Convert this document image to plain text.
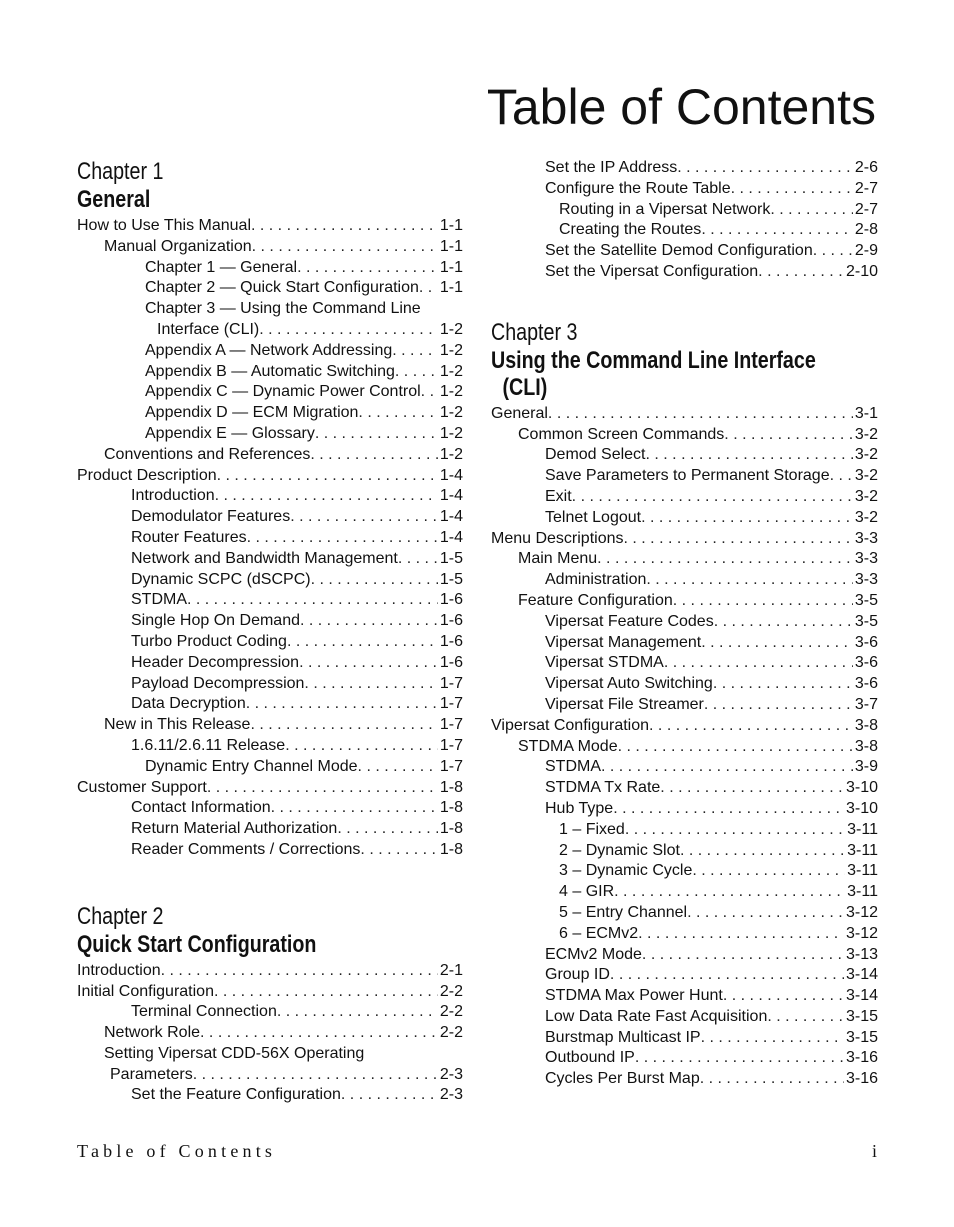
Table of Contents
Chapter 1
General
How to Use This Manual . . .	1-1
Manual Organization . . .	1-1
Chapter 1 — General . . .	1-1
Chapter 2 — Quick Start Configuration . . . 1-1
Chapter 3 — Using the Command Line
Interface (CLI) . . .	1-2
Appendix A — Network Addressing . . .	1-2
Appendix B — Automatic Switching . . .	1-2
Appendix C — Dynamic Power Control . . . 1-2
Appendix D — ECM Migration . . .	1-2
Appendix E — Glossary . . .	1-2
Conventions and References . . .	1-2
Product Description . . .	1-4
Introduction . . .	1-4
Demodulator Features . . .	1-4
Router Features . . .	1-4
Network and Bandwidth Management . . .	1-5
Dynamic SCPC (dSCPC) . . .	1-5
STDMA . . .	1-6
Single Hop On Demand . . .	1-6
Turbo Product Coding . . .	1-6
Header Decompression . . .	1-6
Payload Decompression . . .	1-7
Data Decryption . . .	1-7
New in This Release . . .	1-7
1.6.11/2.6.11 Release . . .	1-7
Dynamic Entry Channel Mode . . .	1-7
Customer Support . . .	1-8
Contact Information . . .	1-8
Return Material Authorization . . .	1-8
Reader Comments / Corrections . . .	1-8
Chapter 2
Quick Start Configuration
Introduction . . .	2-1
Initial Configuration . . .	2-2
Terminal Connection . . .	2-2
Network Role . . .	2-2
Setting Vipersat CDD-56X Operating
Parameters . . .	2-3
Set the Feature Configuration . . .	2-3
Set the IP Address . . .	2-6
Configure the Route Table . . .	2-7
Routing in a Vipersat Network . . .	2-7
Creating the Routes . . .	2-8
Set the Satellite Demod Configuration . . .	2-9
Set the Vipersat Configuration . . .	2-10
Chapter 3
Using the Command Line Interface
(CLI)
General . . .	3-1
Common Screen Commands . . .	3-2
Demod Select . . .	3-2
Save Parameters to Permanent Storage . . . 3-2
Exit . . .	3-2
Telnet Logout . . .	3-2
Menu Descriptions . . .	3-3
Main Menu . . .	3-3
Administration . . .	3-3
Feature Configuration . . .	3-5
Vipersat Feature Codes . . .	3-5
Vipersat Management . . .	3-6
Vipersat STDMA . . .	3-6
Vipersat Auto Switching . . .	3-6
Vipersat File Streamer . . .	3-7
Vipersat Configuration . . .	3-8
STDMA Mode . . .	3-8
STDMA . . .	3-9
STDMA Tx Rate . . .	3-10
Hub Type . . .	3-10
1 – Fixed . . .	3-11
2 – Dynamic Slot . . .	3-11
3 – Dynamic Cycle . . .	3-11
4 – GIR . . .	3-11
5 – Entry Channel . . .	3-12
6 – ECMv2 . . .	3-12
ECMv2 Mode . . .	3-13
Group ID . . .	3-14
STDMA Max Power Hunt . . .	3-14
Low Data Rate Fast Acquisition . . .	3-15
Burstmap Multicast IP . . .	3-15
Outbound IP . . .	3-16
Cycles Per Burst Map . . .	3-16
Table of Contents	i
